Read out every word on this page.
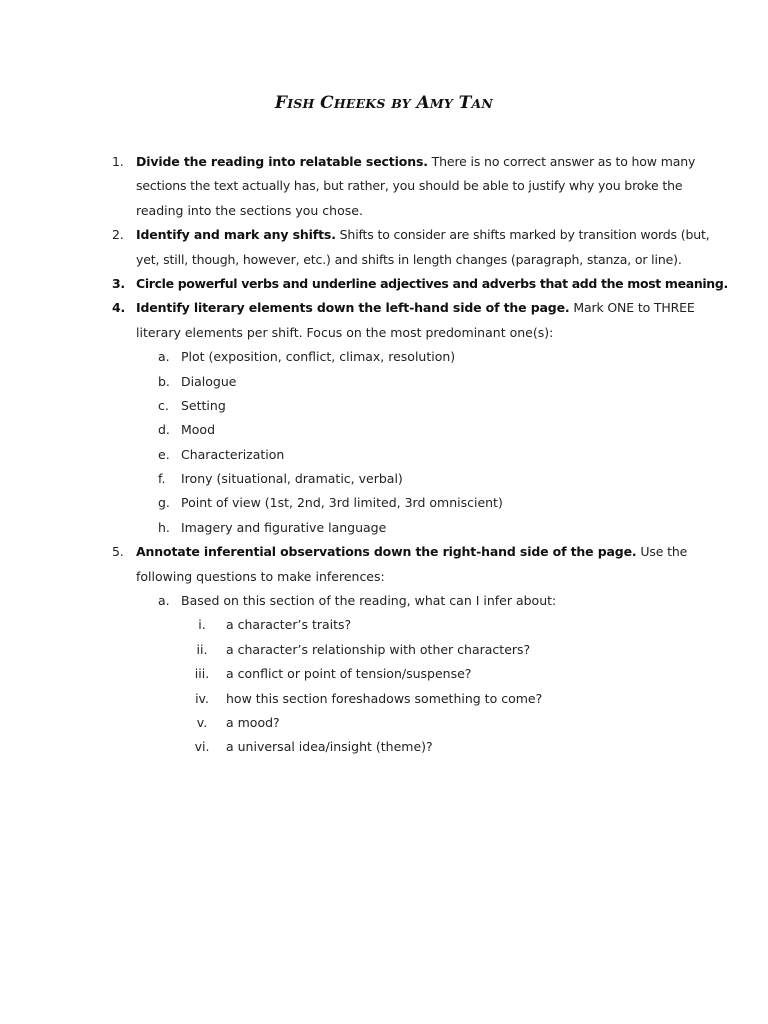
FISH CHEEKS BY AMY TAN
1. Divide the reading into relatable sections. There is no correct answer as to how many
sections the text actually has, but rather, you should be able to justify why you broke the
reading into the sections you chose.
2. Identify and mark any shifts. Shifts to consider are shifts marked by transition words (but,
yet, still, though, however, etc.) and shifts in length changes (paragraph, stanza, or line).
3. Circle powerful verbs and underline adjectives and adverbs that add the most meaning.
4. Identify literary elements down the left-hand side of the page. Mark ONE to THREE
literary elements per shift. Focus on the most predominant one(s):
a. Plot (exposition, conflict, climax, resolution)
b. Dialogue
c. Setting
d. Mood
e. Characterization
f.	Irony (situational, dramatic, verbal)
g. Point of view (1st, 2nd, 3rd limited, 3rd omniscient)
h. Imagery and figurative language
5. Annotate inferential observations down the right-hand side of the page. Use the
following questions to make inferences:
a. Based on this section of the reading, what can I infer about:
i.	a character’s traits?
ii.	a character’s relationship with other characters?
iii.	a conflict or point of tension/suspense?
iv.	how this section foreshadows something to come?
v.	a mood?
vi.	a universal idea/insight (theme)?
